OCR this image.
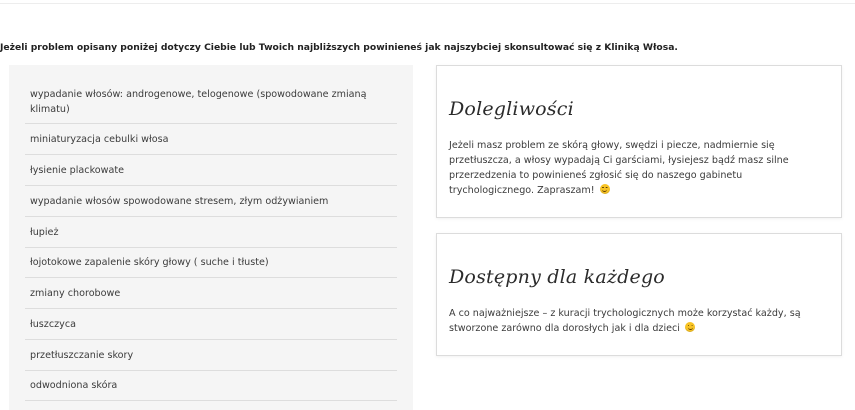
Jeżeli problem opisany poniżej dotyczy Ciebie lub Twoich najbliższych powinieneś jak najszybciej skonsultować się z Kliniką Włosa.
wypadanie włosów: androgenowe, telogenowe (spowodowane zmianą klimatu)
miniaturyzacja cebulki włosa
łysienie plackowate
wypadanie włosów spowodowane stresem, złym odżywianiem
łupież
łojotokowe zapalenie skóry głowy ( suche i tłuste)
zmiany chorobowe
łuszczyca
przetłuszczanie skory
odwodniona skóra
Dolegliwości

Jeżeli masz problem ze skórą głowy, swędzi i piecze, nadmiernie się przetłuszcza, a włosy wypadają Ci garściami, łysiejesz bądź masz silne przerzedzenia to powinieneś zgłosić się do naszego gabinetu trychologicznego. Zapraszam!

Dostępny dla każdego

A co najważniejsze – z kuracji trychologicznych może korzystać każdy, są stworzone zarówno dla dorosłych jak i dla dzieci
